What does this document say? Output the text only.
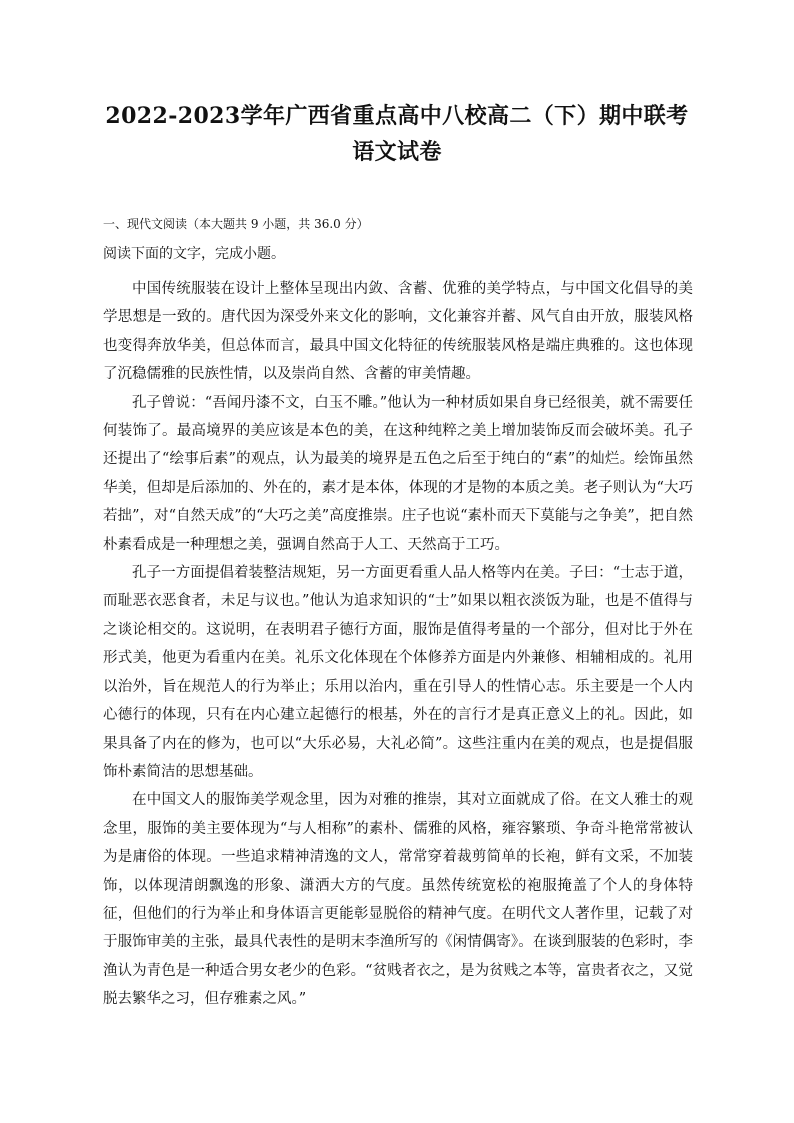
2022-2023学年广西省重点高中八校高二（下）期中联考语文试卷

一、现代文阅读（本大题共 9 小题，共 36.0 分）

阅读下面的文字，完成小题。

中国传统服装在设计上整体呈现出内敛、含蓄、优雅的美学特点，与中国文化倡导的美学思想是一致的。唐代因为深受外来文化的影响，文化兼容并蓄、风气自由开放，服装风格也变得奔放华美，但总体而言，最具中国文化特征的传统服装风格是端庄典雅的。这也体现了沉稳儒雅的民族性情，以及崇尚自然、含蓄的审美情趣。

孔子曾说：“吾闻丹漆不文，白玉不雕。”他认为一种材质如果自身已经很美，就不需要任何装饰了。最高境界的美应该是本色的美，在这种纯粹之美上增加装饰反而会破坏美。孔子还提出了“绘事后素”的观点，认为最美的境界是五色之后至于纯白的“素”的灿烂。绘饰虽然华美，但却是后添加的、外在的，素才是本体，体现的才是物的本质之美。老子则认为“大巧若拙”，对“自然天成”的“大巧之美”高度推崇。庄子也说“素朴而天下莫能与之争美”，把自然朴素看成是一种理想之美，强调自然高于人工、天然高于工巧。

孔子一方面提倡着装整洁规矩，另一方面更看重人品人格等内在美。子曰：“士志于道，而耻恶衣恶食者，未足与议也。”他认为追求知识的“士”如果以粗衣淡饭为耻，也是不值得与之谈论相交的。这说明，在表明君子德行方面，服饰是值得考量的一个部分，但对比于外在形式美，他更为看重内在美。礼乐文化体现在个体修养方面是内外兼修、相辅相成的。礼用以治外，旨在规范人的行为举止；乐用以治内，重在引导人的性情心志。乐主要是一个人内心德行的体现，只有在内心建立起德行的根基，外在的言行才是真正意义上的礼。因此，如果具备了内在的修为，也可以“大乐必易，大礼必简”。这些注重内在美的观点，也是提倡服饰朴素简洁的思想基础。

在中国文人的服饰美学观念里，因为对雅的推崇，其对立面就成了俗。在文人雅士的观念里，服饰的美主要体现为“与人相称”的素朴、儒雅的风格，雍容繁琐、争奇斗艳常常被认为是庸俗的体现。一些追求精神清逸的文人，常常穿着裁剪简单的长袍，鲜有文采，不加装饰，以体现清朗飘逸的形象、潇洒大方的气度。虽然传统宽松的袍服掩盖了个人的身体特征，但他们的行为举止和身体语言更能彰显脱俗的精神气度。在明代文人著作里，记载了对于服饰审美的主张，最具代表性的是明末李渔所写的《闲情偶寄》。在谈到服装的色彩时，李渔认为青色是一种适合男女老少的色彩。“贫贱者衣之，是为贫贱之本等，富贵者衣之，又觉脱去繁华之习，但存雅素之风。”
